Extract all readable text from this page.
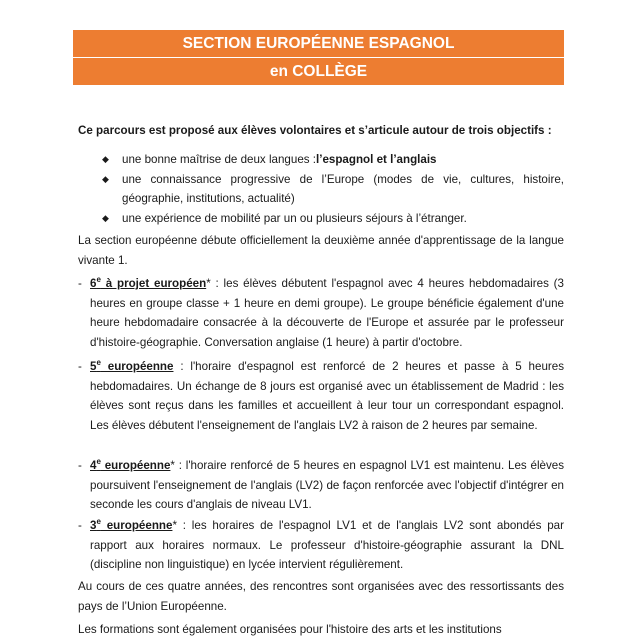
SECTION EUROPÉENNE ESPAGNOL
en COLLÈGE
Ce parcours est proposé aux élèves volontaires et s’articule autour de trois objectifs :
◆ une bonne maîtrise de deux langues :l’espagnol et l’anglais
◆ une connaissance progressive de l’Europe (modes de vie, cultures, histoire, géographie, institutions, actualité)
◆ une expérience de mobilité par un ou plusieurs séjours à l’étranger.
La section européenne débute officiellement la deuxième année d'apprentissage de la langue vivante 1.
- 6e à projet européen* : les élèves débutent l'espagnol avec 4 heures hebdomadaires (3 heures en groupe classe + 1 heure en demi groupe). Le groupe bénéficie également d'une heure hebdomadaire consacrée à la découverte de l'Europe et assurée par le professeur d'histoire-géographie. Conversation anglaise (1 heure) à partir d'octobre.
- 5e européenne : l'horaire d'espagnol est renforcé de 2 heures et passe à 5 heures hebdomadaires. Un échange de 8 jours est organisé avec un établissement de Madrid : les élèves sont reçus dans les familles et accueillent à leur tour un correspondant espagnol. Les élèves débutent l'enseignement de l'anglais LV2 à raison de 2 heures par semaine.
- 4e européenne* : l'horaire renforcé de 5 heures en espagnol LV1 est maintenu. Les élèves poursuivent l'enseignement de l'anglais (LV2) de façon renforcée avec l'objectif d'intégrer en seconde les cours d'anglais de niveau LV1.
- 3e européenne* : les horaires de l'espagnol LV1 et de l'anglais LV2 sont abondés par rapport aux horaires normaux. Le professeur d'histoire-géographie assurant la DNL (discipline non linguistique) en lycée intervient régulièrement.
Au cours de ces quatre années, des rencontres sont organisées avec des ressortissants des pays de l’Union Européenne.
Les formations sont également organisées pour l'histoire des arts et les institutions
